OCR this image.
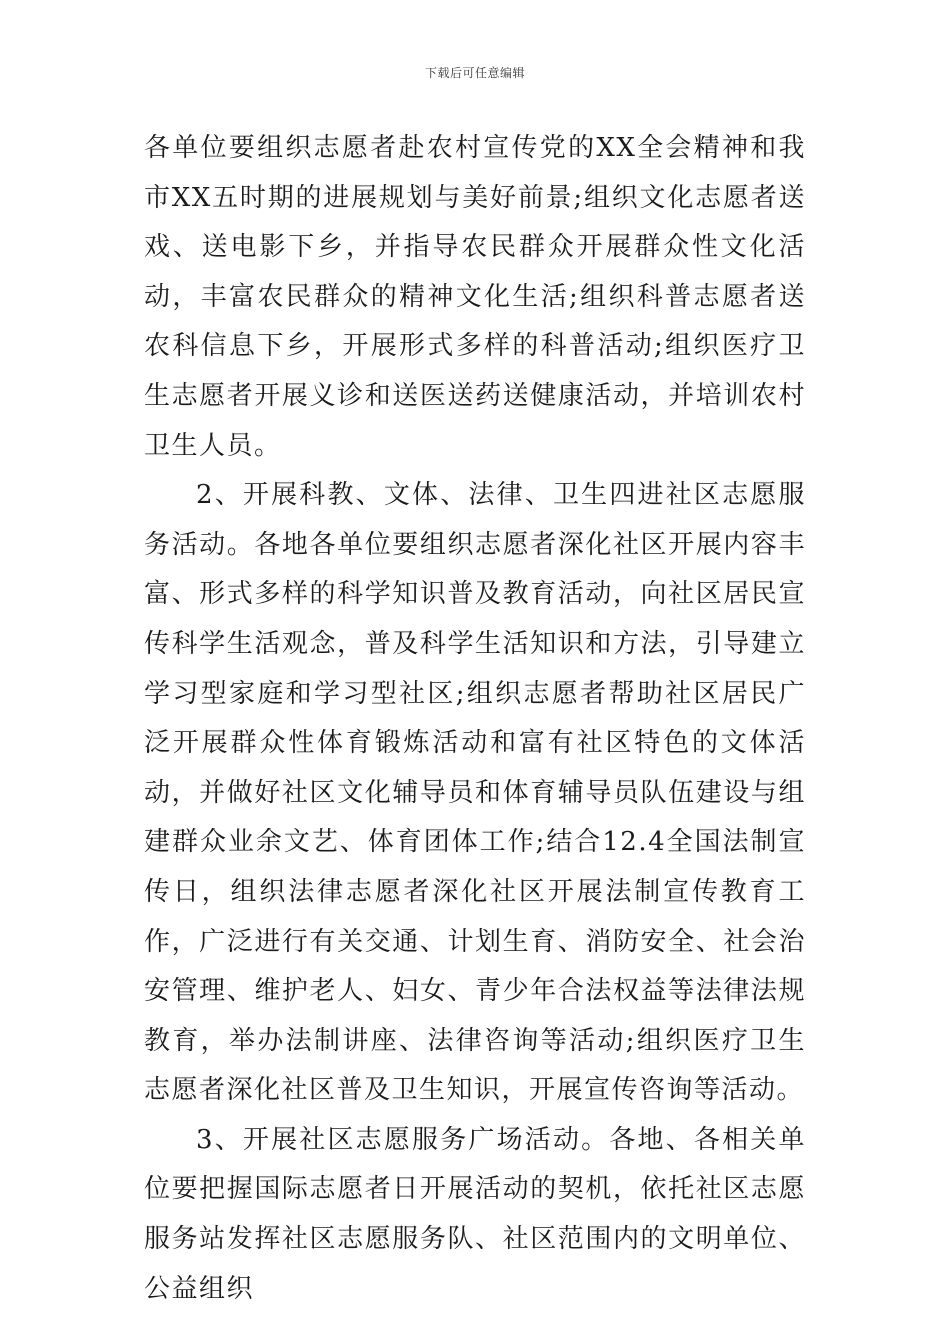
下载后可任意编辑

各单位要组织志愿者赴农村宣传党的XX全会精神和我市XX五时期的进展规划与美好前景;组织文化志愿者送戏、送电影下乡，并指导农民群众开展群众性文化活动，丰富农民群众的精神文化生活;组织科普志愿者送农科信息下乡，开展形式多样的科普活动;组织医疗卫生志愿者开展义诊和送医送药送健康活动，并培训农村卫生人员。

2、开展科教、文体、法律、卫生四进社区志愿服务活动。各地各单位要组织志愿者深化社区开展内容丰富、形式多样的科学知识普及教育活动，向社区居民宣传科学生活观念，普及科学生活知识和方法，引导建立学习型家庭和学习型社区;组织志愿者帮助社区居民广泛开展群众性体育锻炼活动和富有社区特色的文体活动，并做好社区文化辅导员和体育辅导员队伍建设与组建群众业余文艺、体育团体工作;结合12.4全国法制宣传日，组织法律志愿者深化社区开展法制宣传教育工作，广泛进行有关交通、计划生育、消防安全、社会治安管理、维护老人、妇女、青少年合法权益等法律法规教育，举办法制讲座、法律咨询等活动;组织医疗卫生志愿者深化社区普及卫生知识，开展宣传咨询等活动。

3、开展社区志愿服务广场活动。各地、各相关单位要把握国际志愿者日开展活动的契机，依托社区志愿服务站发挥社区志愿服务队、社区范围内的文明单位、公益组织
